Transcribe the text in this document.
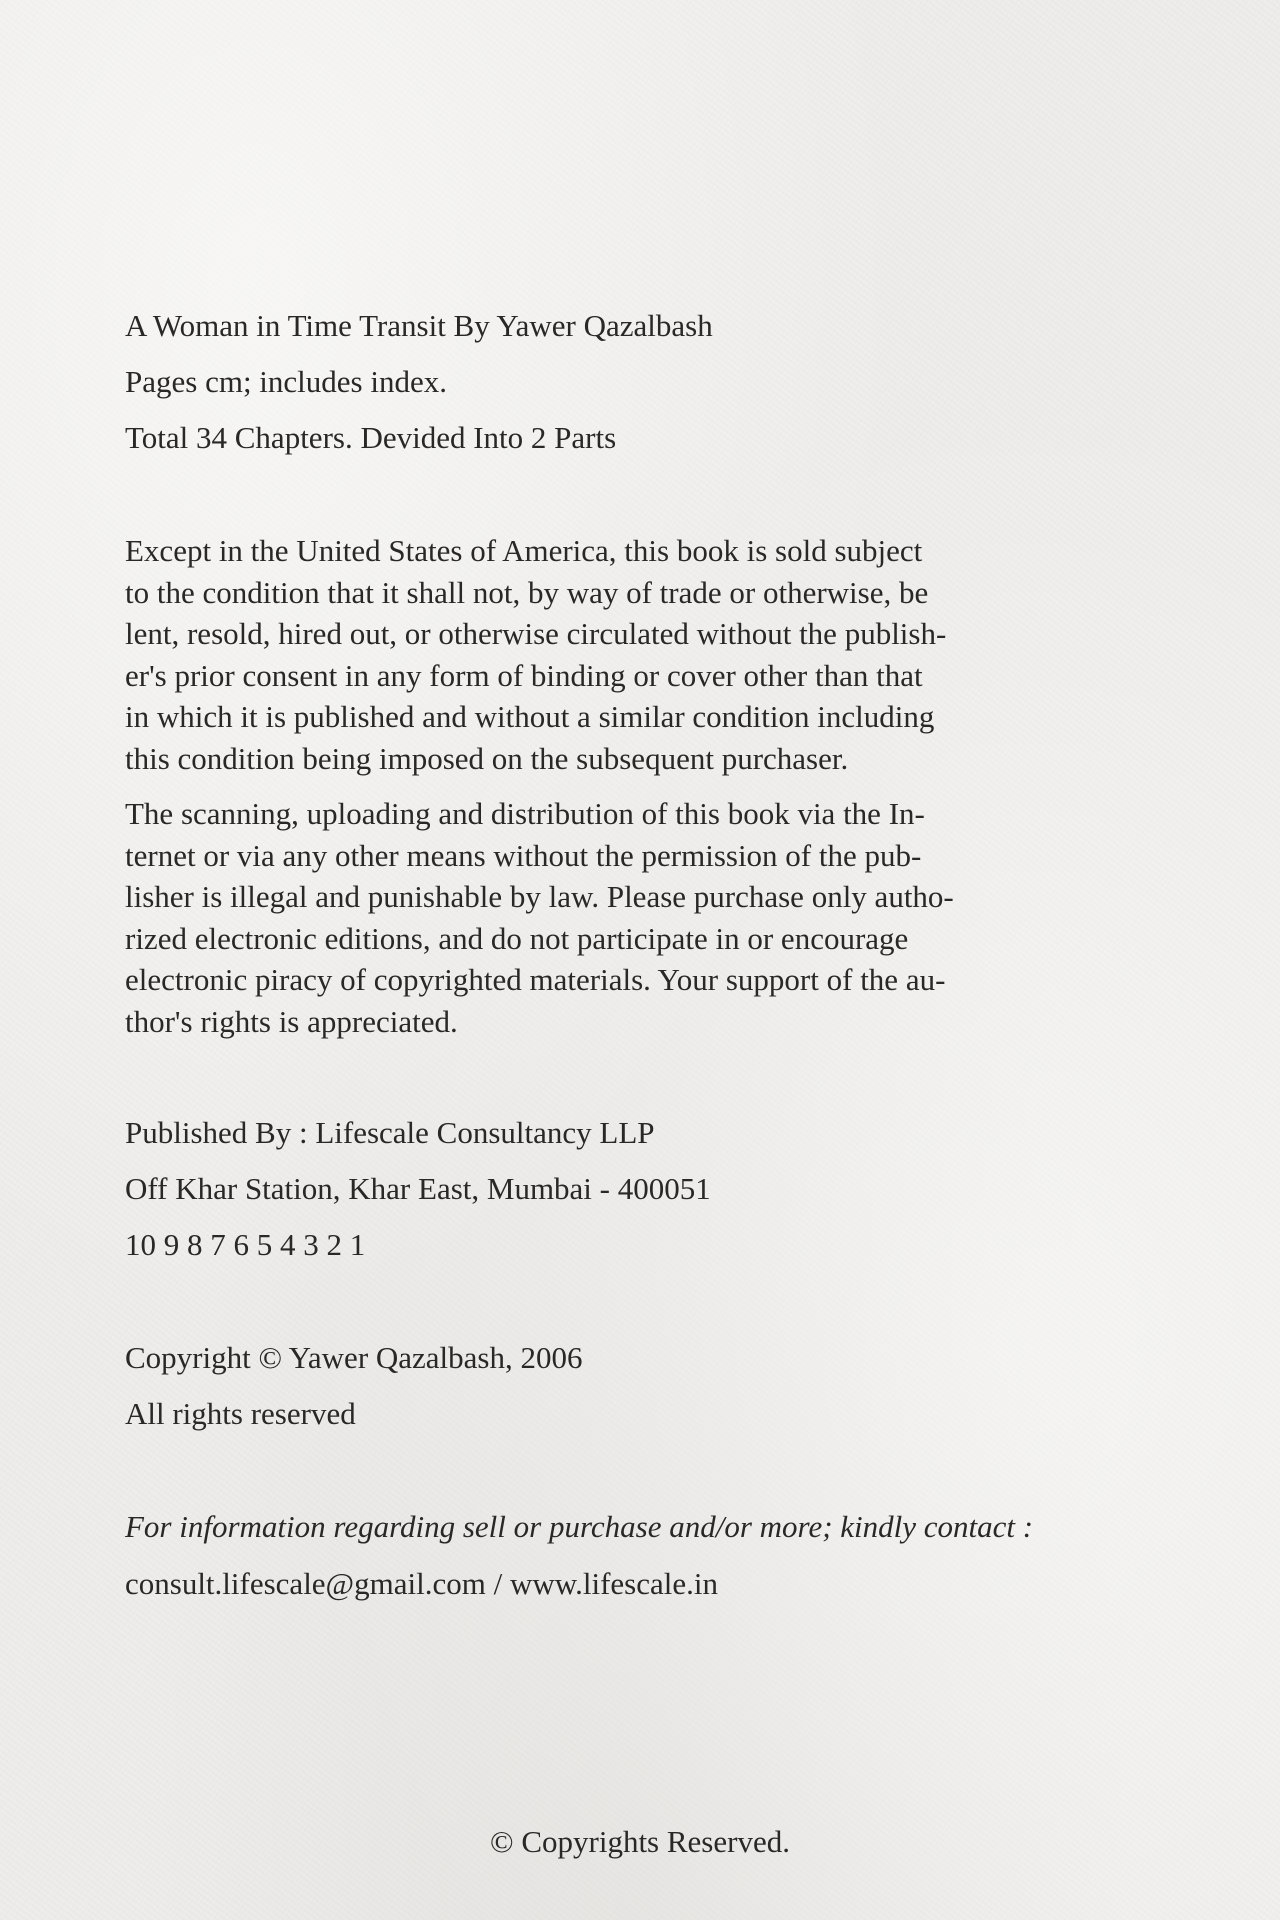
A Woman in Time Transit By Yawer Qazalbash
Pages cm; includes index.
Total 34 Chapters. Devided Into 2 Parts
Except in the United States of America, this book is sold subject
to the condition that it shall not, by way of trade or otherwise, be
lent, resold, hired out, or otherwise circulated without the publish-
er's prior consent in any form of binding or cover other than that
in which it is published and without a similar condition including
this condition being imposed on the subsequent purchaser.
The scanning, uploading and distribution of this book via the In-
ternet or via any other means without the permission of the pub-
lisher is illegal and punishable by law. Please purchase only autho-
rized electronic editions, and do not participate in or encourage
electronic piracy of copyrighted materials. Your support of the au-
thor's rights is appreciated.
Published By : Lifescale Consultancy LLP
Off Khar Station, Khar East, Mumbai - 400051
10 9 8 7 6 5 4 3 2 1
Copyright © Yawer Qazalbash, 2006
All rights reserved
For information regarding sell or purchase and/or more; kindly contact :
consult.lifescale@gmail.com / www.lifescale.in
© Copyrights Reserved.
